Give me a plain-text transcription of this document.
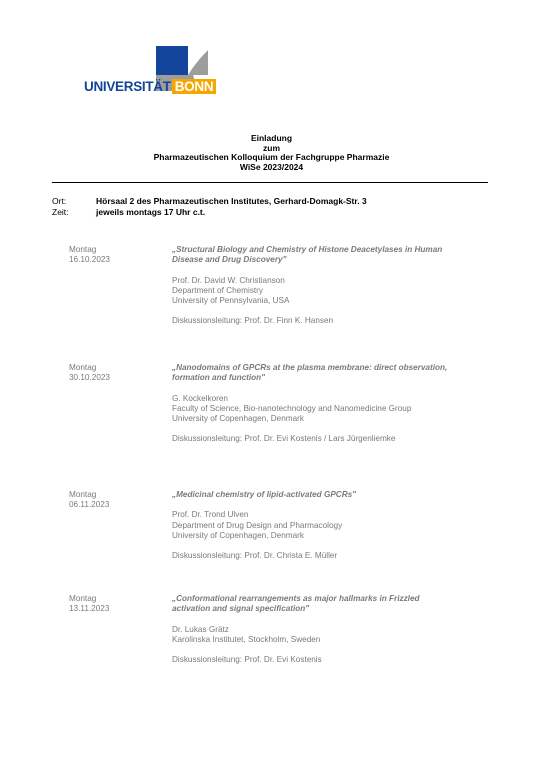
UNIVERSITÄT BONN
Einladung
zum
Pharmazeutischen Kolloquium der Fachgruppe Pharmazie
WiSe 2023/2024
Ort:	Hörsaal 2 des Pharmazeutischen Institutes, Gerhard-Domagk-Str. 3
Zeit:	jeweils montags 17 Uhr c.t.
Montag
16.10.2023
„Structural Biology and Chemistry of Histone Deacetylases in Human
Disease and Drug Discovery"
Prof. Dr. David W. Christianson
Department of Chemistry
University of Pennsylvania, USA
Diskussionsleitung: Prof. Dr. Finn K. Hansen
Montag
30.10.2023
„Nanodomains of GPCRs at the plasma membrane: direct observation,
formation and function"
G. Kockelkoren
Faculty of Science, Bio-nanotechnology and Nanomedicine Group
University of Copenhagen, Denmark
Diskussionsleitung: Prof. Dr. Evi Kostenis / Lars Jürgenliemke
Montag
06.11.2023
„Medicinal chemistry of lipid-activated GPCRs"
Prof. Dr. Trond Ulven
Department of Drug Design and Pharmacology
University of Copenhagen, Denmark
Diskussionsleitung: Prof. Dr. Christa E. Müller
Montag
13.11.2023
„Conformational rearrangements as major hallmarks in Frizzled
activation and signal specification"
Dr. Lukas Grätz
Karolinska Institutet, Stockholm, Sweden
Diskussionsleitung: Prof. Dr. Evi Kostenis
